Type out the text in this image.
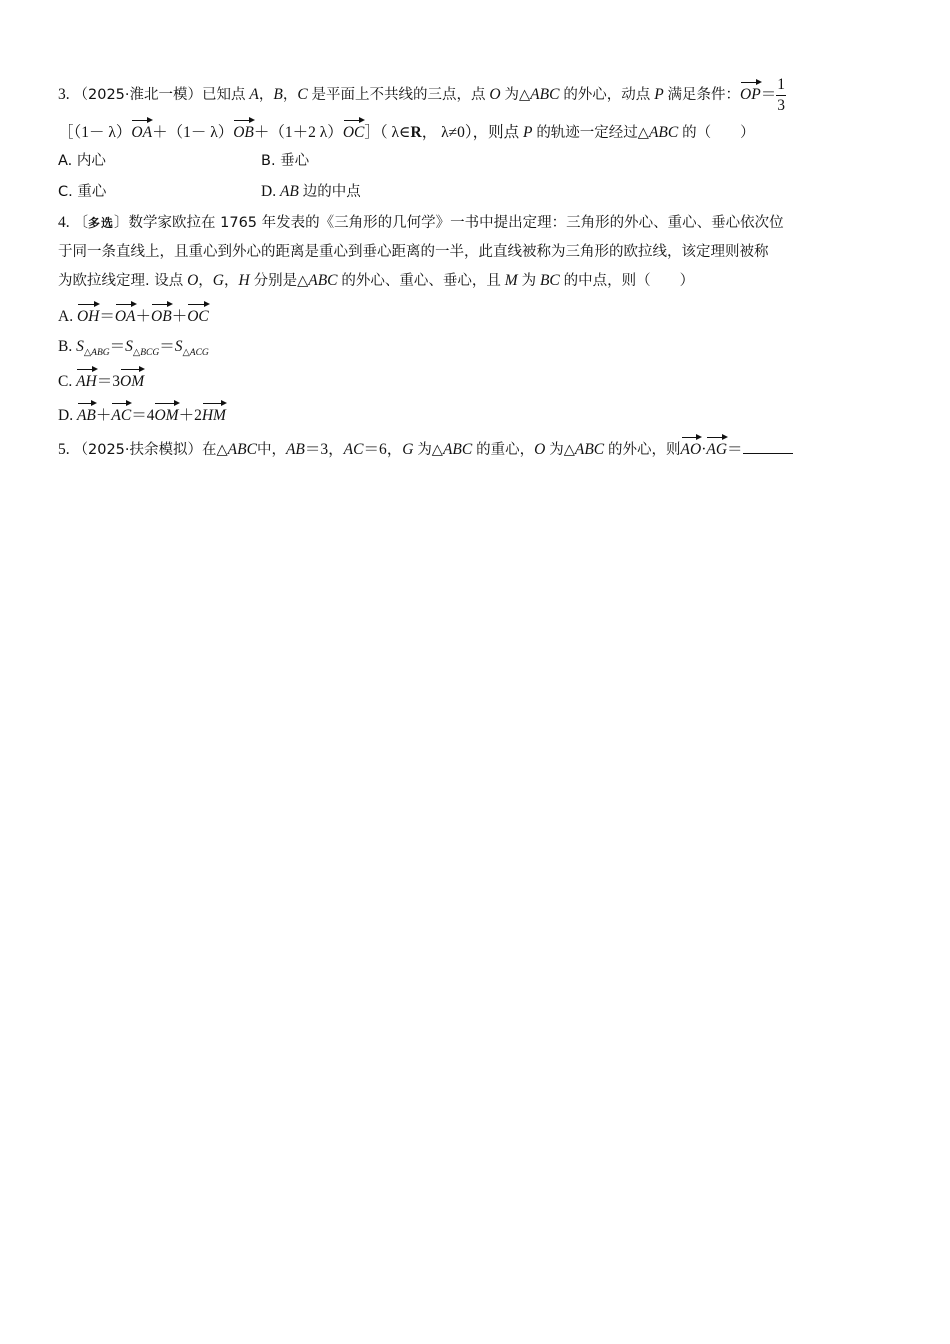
3. （2025·淮北一模）已知点 A，B，C 是平面上不共线的三点，点 O 为△ABC 的外心，动点 P 满足条件：$OP= \frac{1}{3}$
［（1－ λ）OA＋（1－ λ）OB＋（1＋2 λ）OC］（ λ∈R， λ≠0），则点 P 的轨迹一定经过△ABC 的（　　）
A. 内心	B. 垂心
C. 重心	D. AB 边的中点
4. 〔多选〕数学家欧拉在 1765 年发表的《三角形的几何学》一书中提出定理：三角形的外心、重心、垂心依次位
于同一条直线上，且重心到外心的距离是重心到垂心距离的一半，此直线被称为三角形的欧拉线，该定理则被称
为欧拉线定理. 设点 O，G，H 分别是△ABC 的外心、重心、垂心，且 M 为 BC 的中点，则（　　）
A. OH＝OA＋OB＋OC
B. $S_{\triangle ABG}=S_{\triangle BCG}=S_{\triangle ACG}$
C. AH＝3OM
D. AB＋AC＝4OM＋2HM
5. （2025·扶余模拟）在△ABC中，AB＝3，AC＝6，G 为△ABC 的重心，O 为△ABC 的外心，则AO·AG＝
